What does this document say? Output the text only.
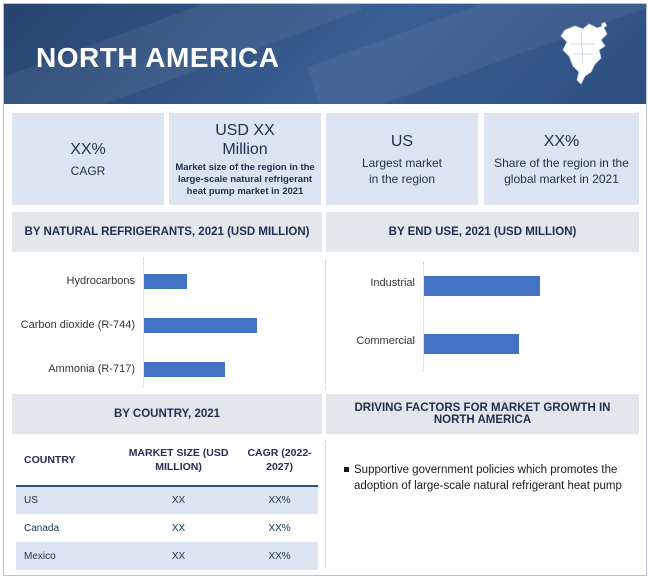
NORTH AMERICA
XX%
CAGR
USD XX Million
Market size of the region in the large-scale natural refrigerant heat pump market in 2021
US
Largest market in the region
XX%
Share of the region in the global market in 2021
BY NATURAL REFRIGERANTS, 2021 (USD MILLION)	BY END USE, 2021 (USD MILLION)
Hydrocarbons
Carbon dioxide (R-744)
Ammonia (R-717)
Industrial
Commercial
BY COUNTRY, 2021	DRIVING FACTORS FOR MARKET GROWTH IN NORTH AMERICA
COUNTRY	MARKET SIZE (USD MILLION)	CAGR (2022-2027)
US	XX	XX%
Canada	XX	XX%
Mexico	XX	XX%
Supportive government policies which promotes the adoption of large-scale natural refrigerant heat pump
